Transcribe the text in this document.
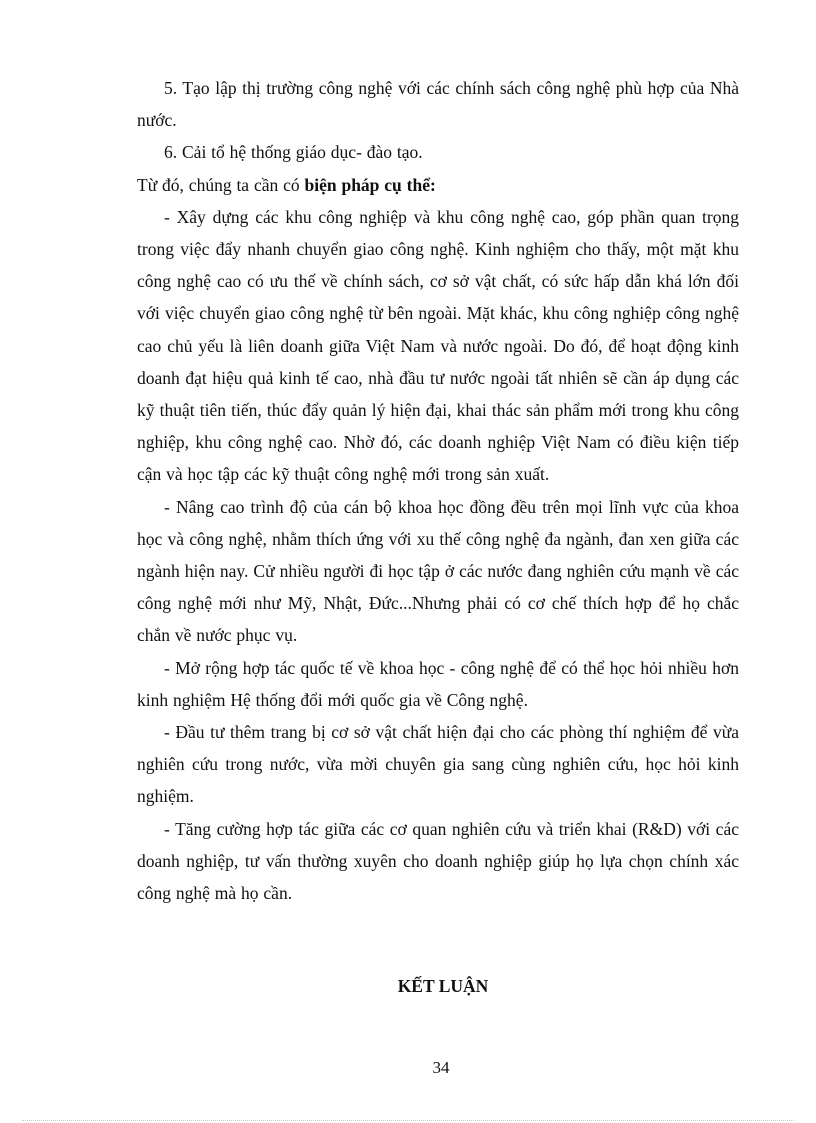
5. Tạo lập thị trường công nghệ với các chính sách công nghệ phù hợp của Nhà nước.

6. Cải tổ hệ thống giáo dục- đào tạo.

Từ đó, chúng ta cần có biện pháp cụ thể:

- Xây dựng các khu công nghiệp và khu công nghệ cao, góp phần quan trọng trong việc đẩy nhanh chuyển giao công nghệ. Kinh nghiệm cho thấy, một mặt khu công nghệ cao có ưu thế về chính sách, cơ sở vật chất, có sức hấp dẫn khá lớn đối với việc chuyển giao công nghệ từ bên ngoài. Mặt khác, khu công nghiệp công nghệ cao chủ yếu là liên doanh giữa Việt Nam và nước ngoài. Do đó, để hoạt động kinh doanh đạt hiệu quả kinh tế cao, nhà đầu tư nước ngoài tất nhiên sẽ cần áp dụng các kỹ thuật tiên tiến, thúc đẩy quản lý hiện đại, khai thác sản phẩm mới trong khu công nghiệp, khu công nghệ cao. Nhờ đó, các doanh nghiệp Việt Nam có điều kiện tiếp cận và học tập các kỹ thuật công nghệ mới trong sản xuất.

- Nâng cao trình độ của cán bộ khoa học đồng đều trên mọi lĩnh vực của khoa học và công nghệ, nhằm thích ứng với xu thế công nghệ đa ngành, đan xen giữa các ngành hiện nay. Cử nhiều người đi học tập ở các nước đang nghiên cứu mạnh về các công nghệ mới như Mỹ, Nhật, Đức...Nhưng phải có cơ chế thích hợp để họ chắc chắn về nước phục vụ.

- Mở rộng hợp tác quốc tế về khoa học - công nghệ để có thể học hỏi nhiều hơn kinh nghiệm Hệ thống đổi mới quốc gia về Công nghệ.

- Đầu tư thêm trang bị cơ sở vật chất hiện đại cho các phòng thí nghiệm để vừa nghiên cứu trong nước, vừa mời chuyên gia sang cùng nghiên cứu, học hỏi kinh nghiệm.

- Tăng cường hợp tác giữa các cơ quan nghiên cứu và triển khai (R&D) với các doanh nghiệp, tư vấn thường xuyên cho doanh nghiệp giúp họ lựa chọn chính xác công nghệ mà họ cần.

KẾT LUẬN
34
